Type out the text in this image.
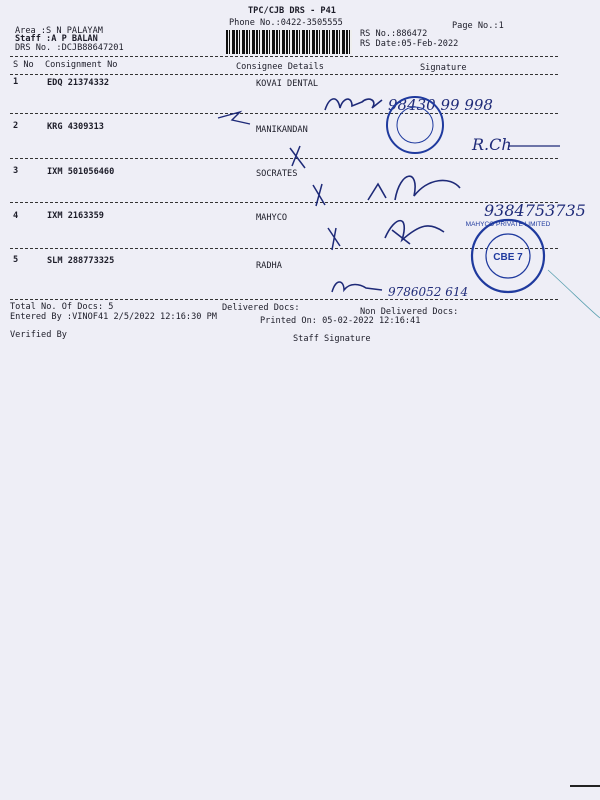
TPC/CJB DRS - P41
Phone No.:0422-3505555
Area :S N PALAYAM
Staff :A P BALAN
DRS No. :DCJB88647201
RS No.:886472
RS Date:05-Feb-2022
Page No.:1
S No Consignment No	Consignee Details	Signature
1	EDQ 21374332	KOVAI DENTAL
2	KRG 4309313	MANIKANDAN
3	IXM 501056460	SOCRATES
4	IXM 2163359	MAHYCO
5	SLM 288773325	RADHA
Total No. Of Docs: 5	Delivered Docs:	Non Delivered Docs:
Entered By :VINOF41 2/5/2022 12:16:30 PM	Printed On: 05-02-2022 12:16:41
Verified By	Staff Signature
98430 99 998
R.Ch
9384753735
CBE 7
MAHYCO PRIVATE LIMITED
9786052 614
